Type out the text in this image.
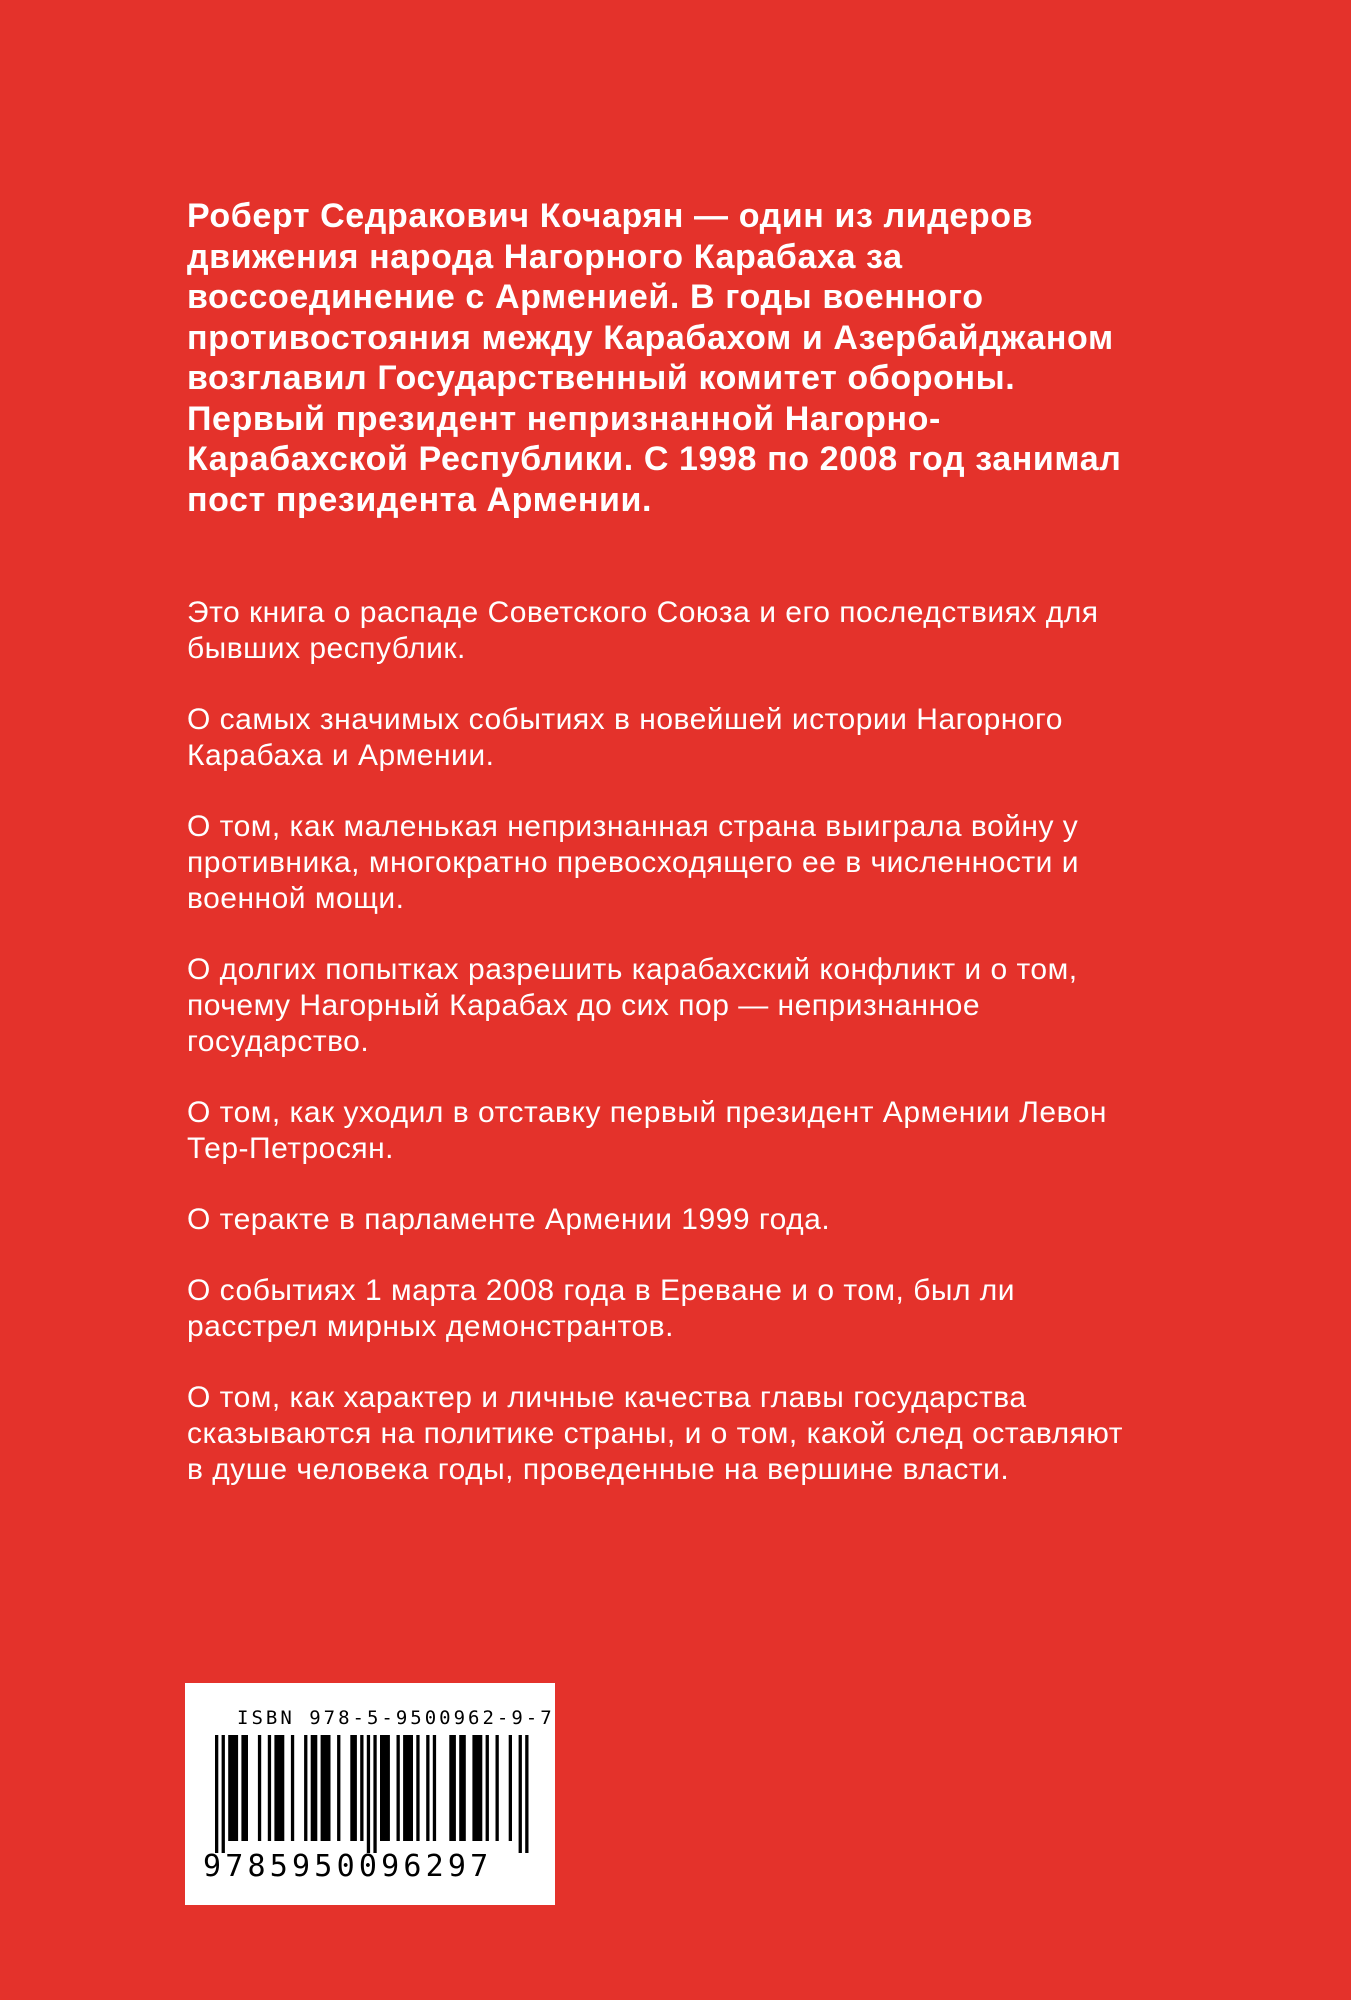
Роберт Седракович Кочарян — один из лидеров движения народа Нагорного Карабаха за воссоединение с Арменией. В годы военного противостояния между Карабахом и Азербайджаном возглавил Государственный комитет обороны. Первый президент непризнанной Нагорно-Карабахской Республики. С 1998 по 2008 год занимал пост президента Армении.

Это книга о распаде Советского Союза и его последствиях для бывших республик.

О самых значимых событиях в новейшей истории Нагорного Карабаха и Армении.

О том, как маленькая непризнанная страна выиграла войну у противника, многократно превосходящего ее в численности и военной мощи.

О долгих попытках разрешить карабахский конфликт и о том, почему Нагорный Карабах до сих пор — непризнанное государство.

О том, как уходил в отставку первый президент Армении Левон Тер-Петросян.

О теракте в парламенте Армении 1999 года.

О событиях 1 марта 2008 года в Ереване и о том, был ли расстрел мирных демонстрантов.

О том, как характер и личные качества главы государства сказываются на политике страны, и о том, какой след оставляют в душе человека годы, проведенные на вершине власти.

ISBN 978-5-9500962-9-7
9785950096297
